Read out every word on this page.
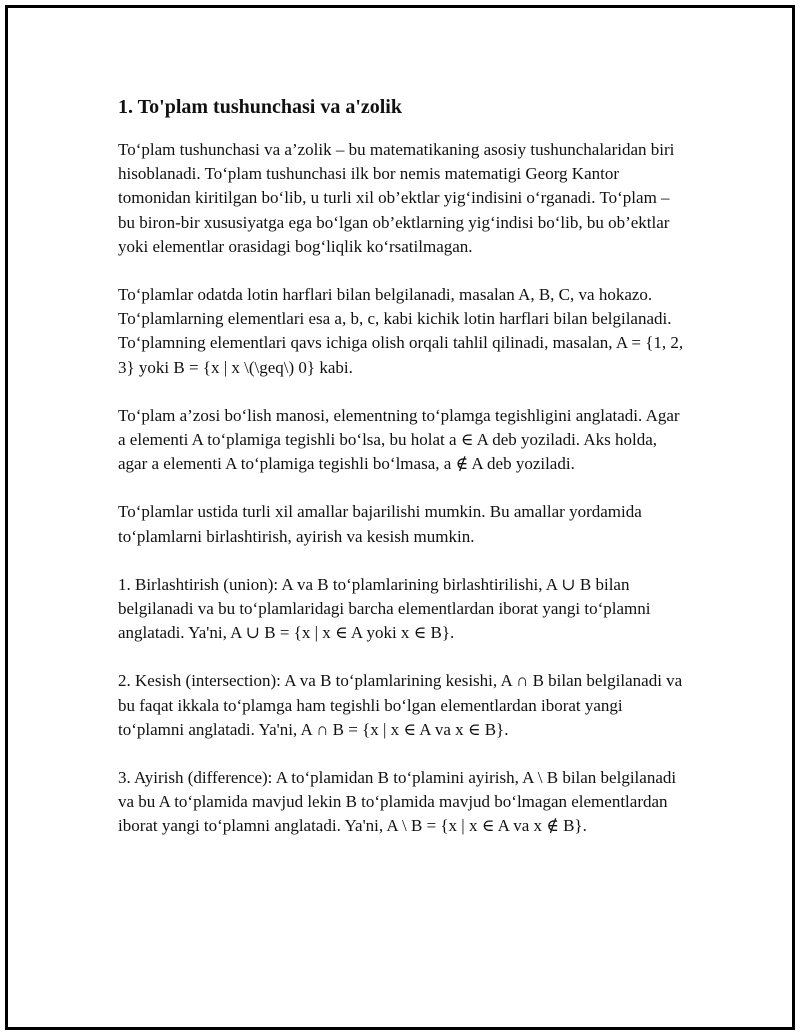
1. To'plam tushunchasi va a'zolik

To‘plam tushunchasi va a’zolik – bu matematikaning asosiy tushunchalaridan biri hisoblanadi. To‘plam tushunchasi ilk bor nemis matematigi Georg Kantor tomonidan kiritilgan bo‘lib, u turli xil ob’ektlar yig‘indisini o‘rganadi. To‘plam – bu biron-bir xususiyatga ega bo‘lgan ob’ektlarning yig‘indisi bo‘lib, bu ob’ektlar yoki elementlar orasidagi bog‘liqlik ko‘rsatilmagan.

To‘plamlar odatda lotin harflari bilan belgilanadi, masalan A, B, C, va hokazo. To‘plamlarning elementlari esa a, b, c, kabi kichik lotin harflari bilan belgilanadi. To‘plamning elementlari qavs ichiga olish orqali tahlil qilinadi, masalan, A = {1, 2, 3} yoki B = {x | x \(\geq\) 0} kabi.

To‘plam a’zosi bo‘lish manosi, elementning to‘plamga tegishligini anglatadi. Agar a elementi A to‘plamiga tegishli bo‘lsa, bu holat a ∈ A deb yoziladi. Aks holda, agar a elementi A to‘plamiga tegishli bo‘lmasa, a ∉ A deb yoziladi.

To‘plamlar ustida turli xil amallar bajarilishi mumkin. Bu amallar yordamida to‘plamlarni birlashtirish, ayirish va kesish mumkin.

1. Birlashtirish (union): A va B to‘plamlarining birlashtirilishi, A ∪ B bilan belgilanadi va bu to‘plamlaridagi barcha elementlardan iborat yangi to‘plamni anglatadi. Ya'ni, A ∪ B = {x | x ∈ A yoki x ∈ B}.

2. Kesish (intersection): A va B to‘plamlarining kesishi, A ∩ B bilan belgilanadi va bu faqat ikkala to‘plamga ham tegishli bo‘lgan elementlardan iborat yangi to‘plamni anglatadi. Ya'ni, A ∩ B = {x | x ∈ A va x ∈ B}.

3. Ayirish (difference): A to‘plamidan B to‘plamini ayirish, A \ B bilan belgilanadi va bu A to‘plamida mavjud lekin B to‘plamida mavjud bo‘lmagan elementlardan iborat yangi to‘plamni anglatadi. Ya'ni, A \ B = {x | x ∈ A va x ∉ B}.
